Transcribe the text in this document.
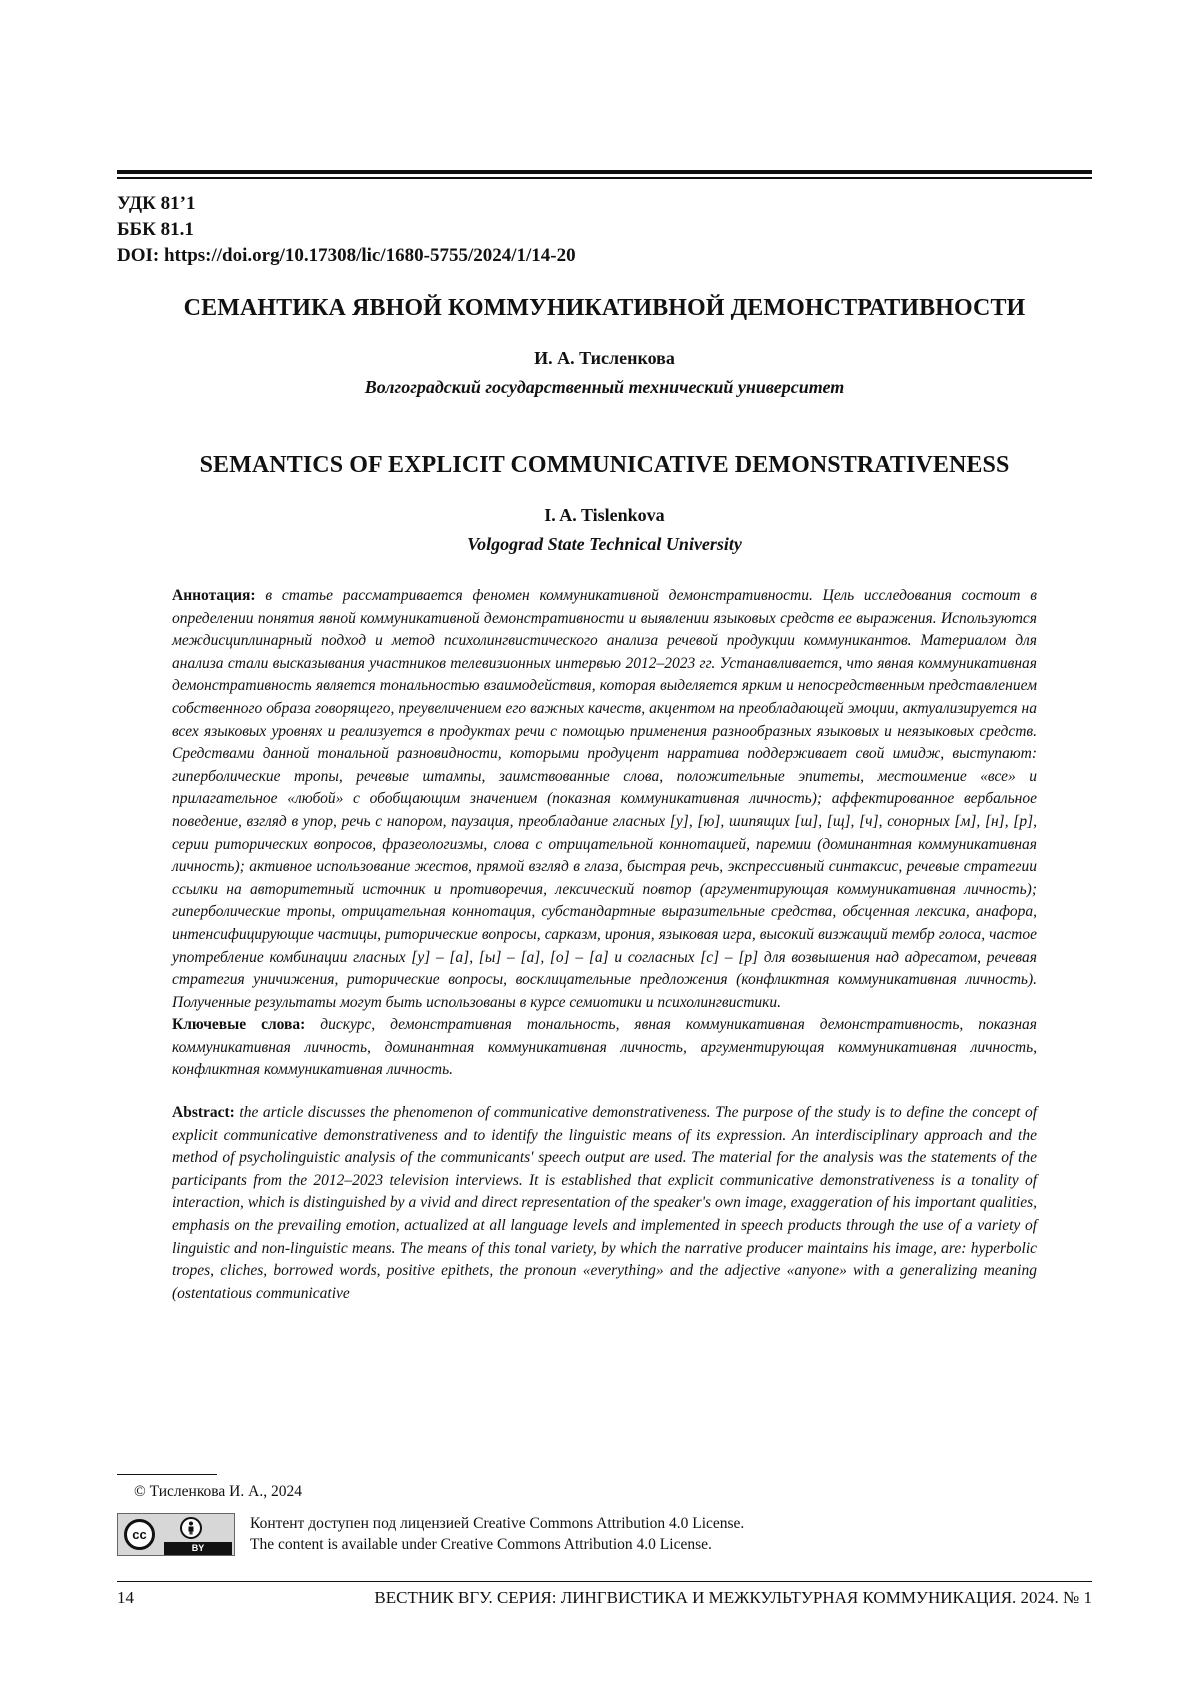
УДК 81’1
ББК 81.1
DOI: https://doi.org/10.17308/lic/1680-5755/2024/1/14-20
СЕМАНТИКА ЯВНОЙ КОММУНИКАТИВНОЙ ДЕМОНСТРАТИВНОСТИ
И. А. Тисленкова
Волгоградский государственный технический университет
SEMANTICS OF EXPLICIT COMMUNICATIVE DEMONSTRATIVENESS
I. A. Tislenkova
Volgograd State Technical University
Аннотация: в статье рассматривается феномен коммуникативной демонстративности. Цель исследования состоит в определении понятия явной коммуникативной демонстративности и выявлении языковых средств ее выражения. Используются междисциплинарный подход и метод психолингвистического анализа речевой продукции коммуникантов. Материалом для анализа стали высказывания участников телевизионных интервью 2012–2023 гг. Устанавливается, что явная коммуникативная демонстративность является тональностью взаимодействия, которая выделяется ярким и непосредственным представлением собственного образа говорящего, преувеличением его важных качеств, акцентом на преобладающей эмоции, актуализируется на всех языковых уровнях и реализуется в продуктах речи с помощью применения разнообразных языковых и неязыковых средств. Средствами данной тональной разновидности, которыми продуцент нарратива поддерживает свой имидж, выступают: гиперболические тропы, речевые штампы, заимствованные слова, положительные эпитеты, местоимение «все» и прилагательное «любой» с обобщающим значением (показная коммуникативная личность); аффектированное вербальное поведение, взгляд в упор, речь с напором, паузация, преобладание гласных [у], [ю], шипящих [ш], [щ], [ч], сонорных [м], [н], [р], серии риторических вопросов, фразеологизмы, слова с отрицательной коннотацией, паремии (доминантная коммуникативная личность); активное использование жестов, прямой взгляд в глаза, быстрая речь, экспрессивный синтаксис, речевые стратегии ссылки на авторитетный источник и противоречия, лексический повтор (аргументирующая коммуникативная личность); гиперболические тропы, отрицательная коннотация, субстандартные выразительные средства, обсценная лексика, анафора, интенсифицирующие частицы, риторические вопросы, сарказм, ирония, языковая игра, высокий визжащий тембр голоса, частое употребление комбинации гласных [у] – [а], [ы] – [а], [о] – [а] и согласных [с] – [р] для возвышения над адресатом, речевая стратегия уничижения, риторические вопросы, восклицательные предложения (конфликтная коммуникативная личность). Полученные результаты могут быть использованы в курсе семиотики и психолингвистики.
Ключевые слова: дискурс, демонстративная тональность, явная коммуникативная демонстративность, показная коммуникативная личность, доминантная коммуникативная личность, аргументирующая коммуникативная личность, конфликтная коммуникативная личность.
Abstract: the article discusses the phenomenon of communicative demonstrativeness. The purpose of the study is to define the concept of explicit communicative demonstrativeness and to identify the linguistic means of its expression. An interdisciplinary approach and the method of psycholinguistic analysis of the communicants' speech output are used. The material for the analysis was the statements of the participants from the 2012–2023 television interviews. It is established that explicit communicative demonstrativeness is a tonality of interaction, which is distinguished by a vivid and direct representation of the speaker's own image, exaggeration of his important qualities, emphasis on the prevailing emotion, actualized at all language levels and implemented in speech products through the use of a variety of linguistic and non-linguistic means. The means of this tonal variety, by which the narrative producer maintains his image, are: hyperbolic tropes, cliches, borrowed words, positive epithets, the pronoun «everything» and the adjective «anyone» with a generalizing meaning (ostentatious communicative
© Тисленкова И. А., 2024
cc
BY
Контент доступен под лицензией Creative Commons Attribution 4.0 License.
The content is available under Creative Commons Attribution 4.0 License.
14	ВЕСТНИК ВГУ. СЕРИЯ: ЛИНГВИСТИКА И МЕЖКУЛЬТУРНАЯ КОММУНИКАЦИЯ. 2024. № 1
